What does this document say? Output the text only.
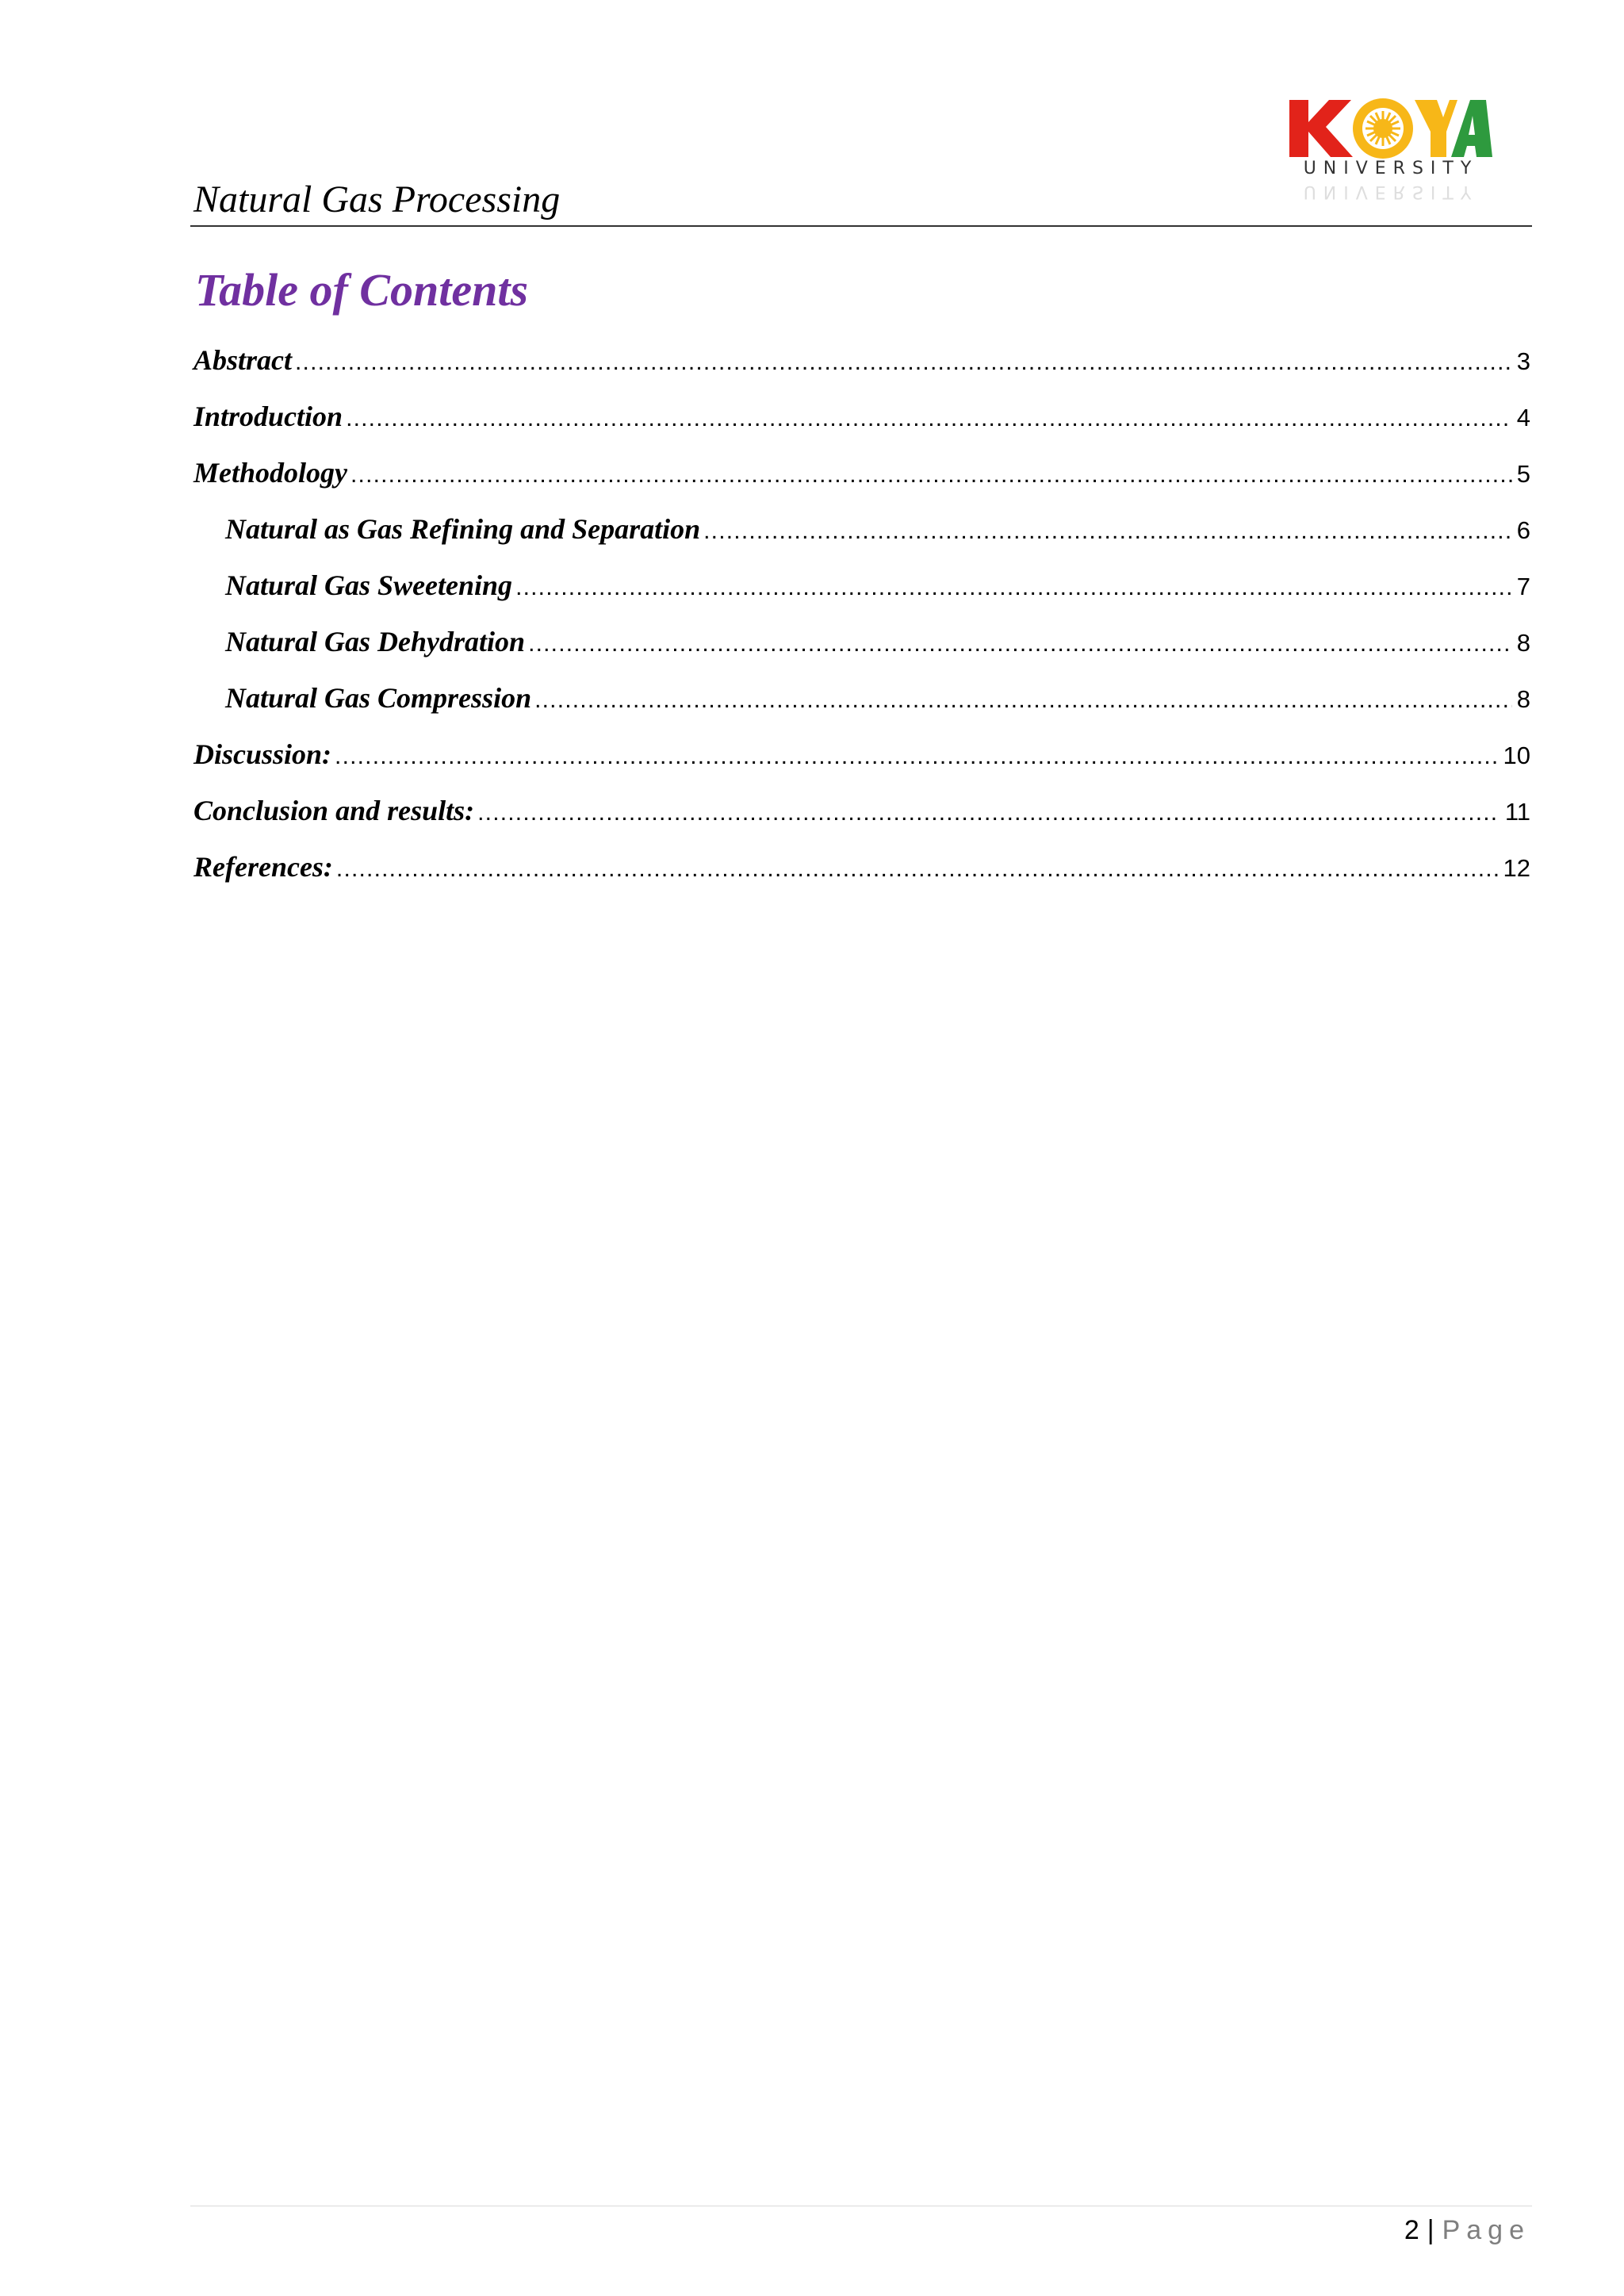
Natural Gas Processing
UNIVERSITY
UNIVERSITY
Table of Contents
Abstract .....	3
Introduction .....	4
Methodology .....	5
Natural as Gas Refining and Separation .....	6
Natural Gas Sweetening .....	7
Natural Gas Dehydration .....	8
Natural Gas Compression .....	8
Discussion: .....	10
Conclusion and results: .....	11
References: .....	12
2 | Page
